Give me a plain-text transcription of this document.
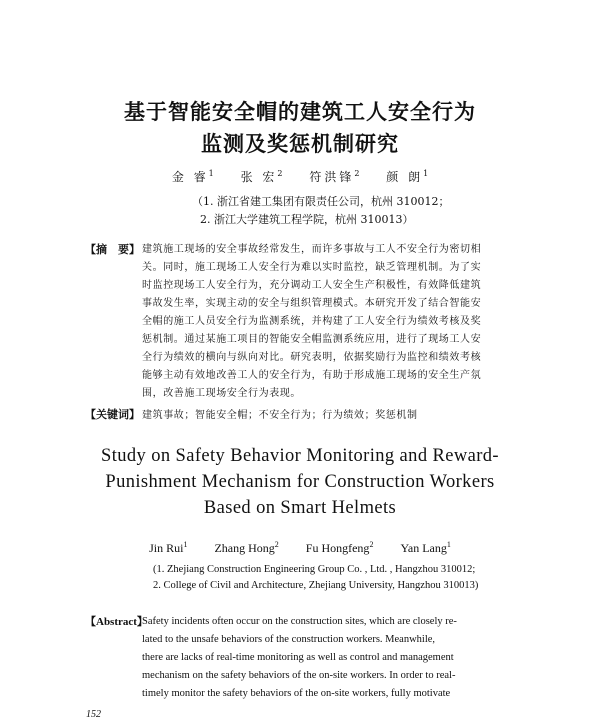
基于智能安全帽的建筑工人安全行为
监测及奖惩机制研究
金 睿$^1$ 张 宏$^2$ 符洪锋$^2$ 颜 朗$^1$
（1. 浙江省建工集团有限责任公司，杭州 310012；
2. 浙江大学建筑工程学院，杭州 310013）
【摘　要】 建筑施工现场的安全事故经常发生，而许多事故与工人不安全行为密切相
关。同时，施工现场工人安全行为难以实时监控，缺乏管理机制。为了实
时监控现场工人安全行为，充分调动工人安全生产积极性，有效降低建筑
事故发生率，实现主动的安全与组织管理模式。本研究开发了结合智能安
全帽的施工人员安全行为监测系统，并构建了工人安全行为绩效考核及奖
惩机制。通过某施工项目的智能安全帽监测系统应用，进行了现场工人安
全行为绩效的横向与纵向对比。研究表明，依据奖励行为监控和绩效考核
能够主动有效地改善工人的安全行为，有助于形成施工现场的安全生产氛
围，改善施工现场安全行为表现。
【关键词】 建筑事故；智能安全帽；不安全行为；行为绩效；奖惩机制
Study on Safety Behavior Monitoring and Reward-
Punishment Mechanism for Construction Workers
Based on Smart Helmets
Jin Rui$^1$ Zhang Hong$^2$ Fu Hongfeng$^2$ Yan Lang$^1$
(1. Zhejiang Construction Engineering Group Co. , Ltd. , Hangzhou 310012;
2. College of Civil and Architecture, Zhejiang University, Hangzhou 310013)
【Abstract】
Safety incidents often occur on the construction sites, which are closely re-
lated to the unsafe behaviors of the construction workers. Meanwhile,
there are lacks of real-time monitoring as well as control and management
mechanism on the safety behaviors of the on-site workers. In order to real-
timely monitor the safety behaviors of the on-site workers, fully motivate
152
